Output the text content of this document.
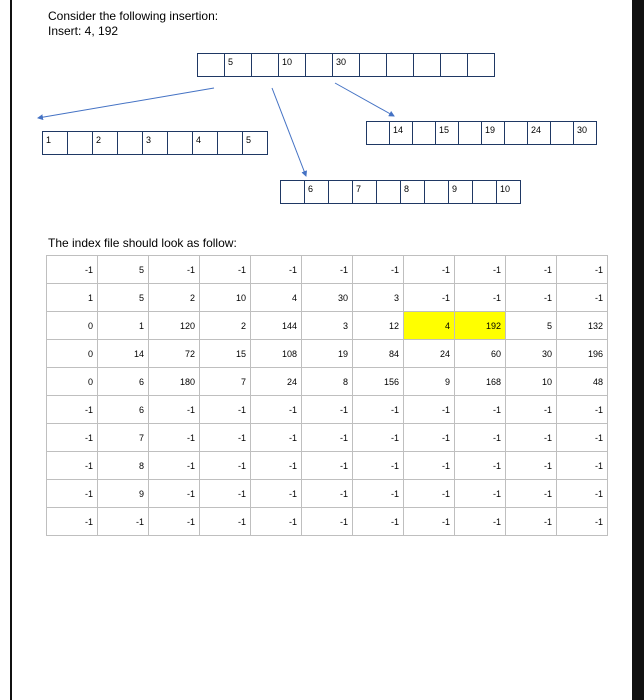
Consider the following insertion:
Insert: 4, 192
5	10	30
1	2	3	4	5
14	15	19	24	30
6	7	8	9	10
The index file should look as follow:
-1	5	-1	-1	-1	-1	-1	-1	-1	-1	-1
1	5	2	10	4	30	3	-1	-1	-1	-1
0	1	120	2	144	3	12	4	192	5	132
0	14	72	15	108	19	84	24	60	30	196
0	6	180	7	24	8	156	9	168	10	48
-1	6	-1	-1	-1	-1	-1	-1	-1	-1	-1
-1	7	-1	-1	-1	-1	-1	-1	-1	-1	-1
-1	8	-1	-1	-1	-1	-1	-1	-1	-1	-1
-1	9	-1	-1	-1	-1	-1	-1	-1	-1	-1
-1	-1	-1	-1	-1	-1	-1	-1	-1	-1	-1
